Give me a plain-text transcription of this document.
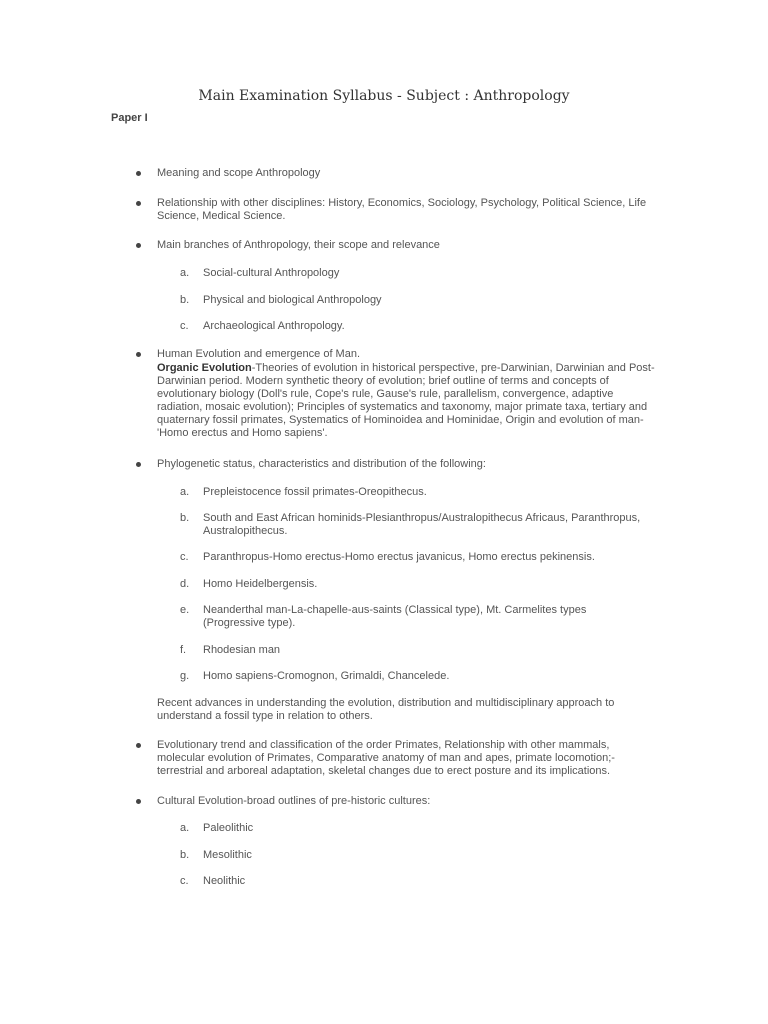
Main Examination Syllabus - Subject : Anthropology
Paper I
Meaning and scope Anthropology
Relationship with other disciplines: History, Economics, Sociology, Psychology, Political Science, Life Science, Medical Science.
Main branches of Anthropology, their scope and relevance
a. Social-cultural Anthropology
b. Physical and biological Anthropology
c. Archaeological Anthropology.
Human Evolution and emergence of Man.
Organic Evolution-Theories of evolution in historical perspective, pre-Darwinian, Darwinian and Post-Darwinian period. Modern synthetic theory of evolution; brief outline of terms and concepts of evolutionary biology (Doll's rule, Cope's rule, Gause's rule, parallelism, convergence, adaptive radiation, mosaic evolution); Principles of systematics and taxonomy, major primate taxa, tertiary and quaternary fossil primates, Systematics of Hominoidea and Hominidae, Origin and evolution of man-'Homo erectus and Homo sapiens'.
Phylogenetic status, characteristics and distribution of the following:
a. Prepleistocence fossil primates-Oreopithecus.
b. South and East African hominids-Plesianthropus/Australopithecus Africaus, Paranthropus, Australopithecus.
c. Paranthropus-Homo erectus-Homo erectus javanicus, Homo erectus pekinensis.
d. Homo Heidelbergensis.
e. Neanderthal man-La-chapelle-aus-saints (Classical type), Mt. Carmelites types (Progressive type).
f. Rhodesian man
g. Homo sapiens-Cromognon, Grimaldi, Chancelede.
Recent advances in understanding the evolution, distribution and multidisciplinary approach to understand a fossil type in relation to others.
Evolutionary trend and classification of the order Primates, Relationship with other mammals, molecular evolution of Primates, Comparative anatomy of man and apes, primate locomotion;-terrestrial and arboreal adaptation, skeletal changes due to erect posture and its implications.
Cultural Evolution-broad outlines of pre-historic cultures:
a. Paleolithic
b. Mesolithic
c. Neolithic
